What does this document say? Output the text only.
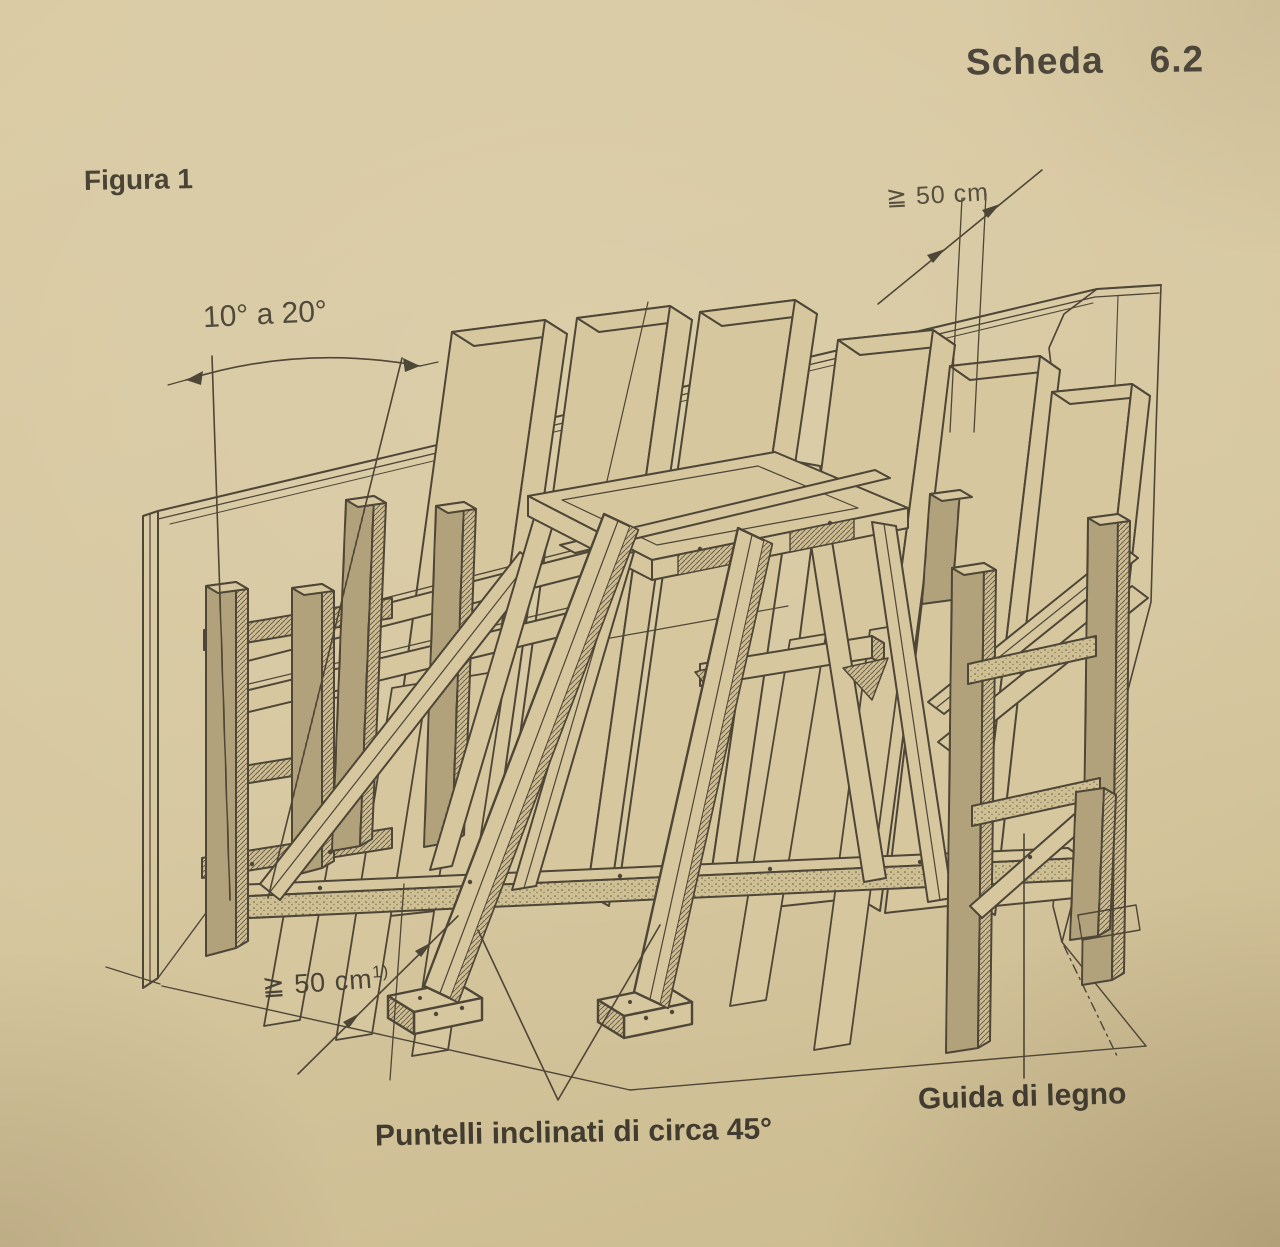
Scheda 6.2
Figura 1
10° a 20°
≧ 50 cm
≧ 50 $cm^{1)}$
Puntelli inclinati di circa 45°
Guida di legno
